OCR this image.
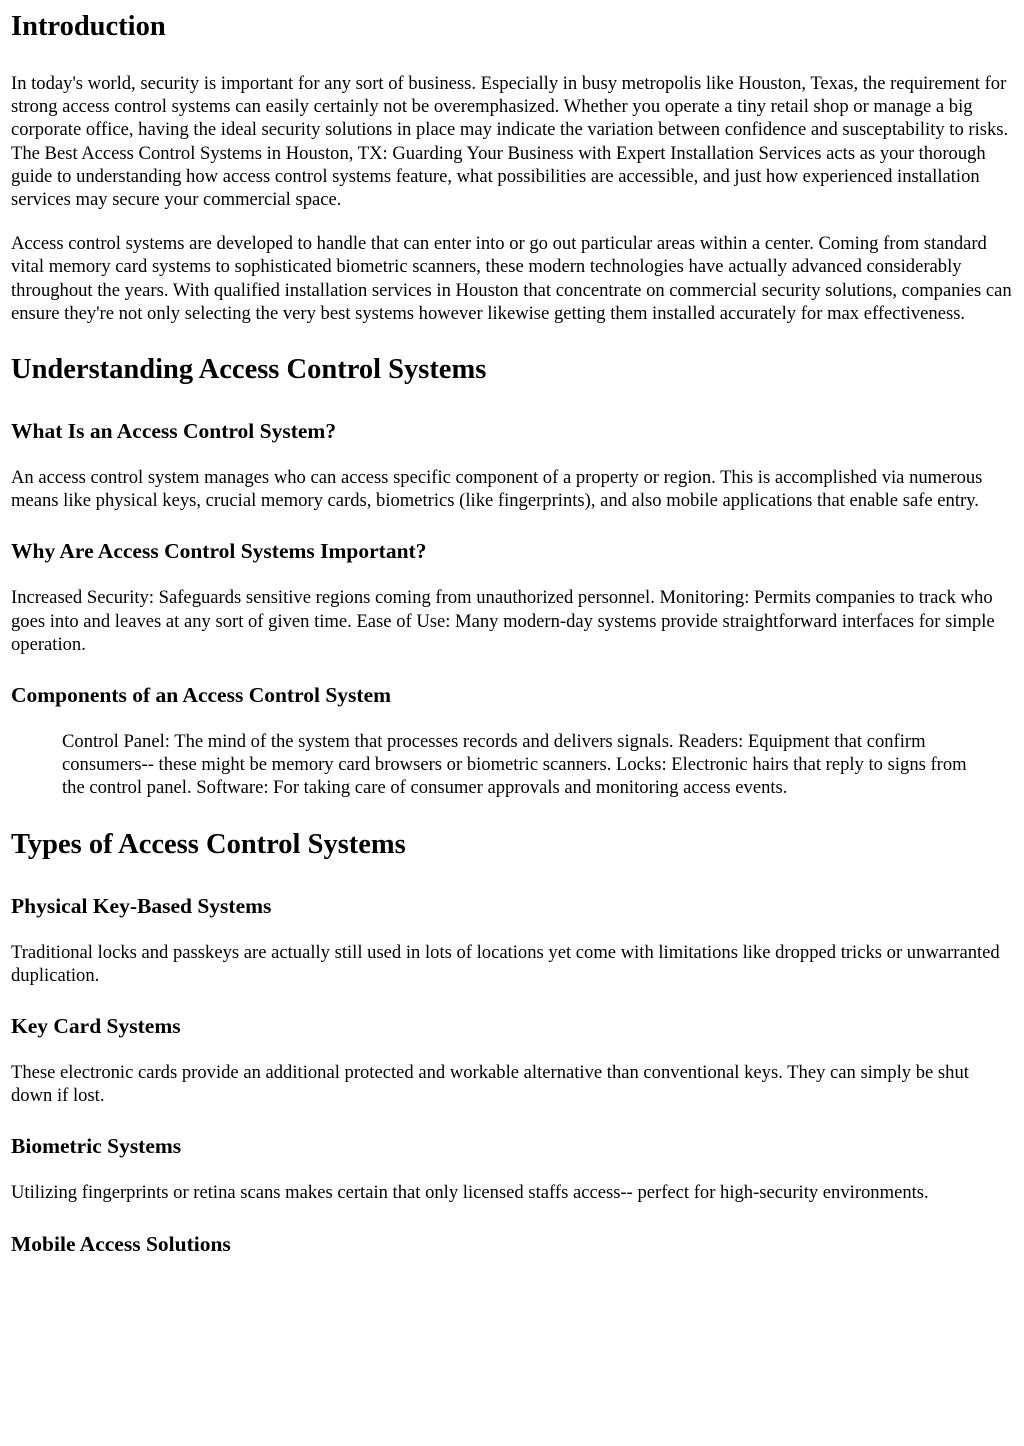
Introduction

In today's world, security is important for any sort of business. Especially in busy metropolis like Houston, Texas, the requirement for strong access control systems can easily certainly not be overemphasized. Whether you operate a tiny retail shop or manage a big corporate office, having the ideal security solutions in place may indicate the variation between confidence and susceptability to risks. The Best Access Control Systems in Houston, TX: Guarding Your Business with Expert Installation Services acts as your thorough guide to understanding how access control systems feature, what possibilities are accessible, and just how experienced installation services may secure your commercial space.

Access control systems are developed to handle that can enter into or go out particular areas within a center. Coming from standard vital memory card systems to sophisticated biometric scanners, these modern technologies have actually advanced considerably throughout the years. With qualified installation services in Houston that concentrate on commercial security solutions, companies can ensure they're not only selecting the very best systems however likewise getting them installed accurately for max effectiveness.

Understanding Access Control Systems
What Is an Access Control System?

An access control system manages who can access specific component of a property or region. This is accomplished via numerous means like physical keys, crucial memory cards, biometrics (like fingerprints), and also mobile applications that enable safe entry.

Why Are Access Control Systems Important?

Increased Security: Safeguards sensitive regions coming from unauthorized personnel. Monitoring: Permits companies to track who goes into and leaves at any sort of given time. Ease of Use: Many modern-day systems provide straightforward interfaces for simple operation.

Components of an Access Control System
Control Panel: The mind of the system that processes records and delivers signals. Readers: Equipment that confirm consumers-- these might be memory card browsers or biometric scanners. Locks: Electronic hairs that reply to signs from the control panel. Software: For taking care of consumer approvals and monitoring access events.
Types of Access Control Systems
Physical Key-Based Systems

Traditional locks and passkeys are actually still used in lots of locations yet come with limitations like dropped tricks or unwarranted duplication.

Key Card Systems

These electronic cards provide an additional protected and workable alternative than conventional keys. They can simply be shut down if lost.

Biometric Systems

Utilizing fingerprints or retina scans makes certain that only licensed staffs access-- perfect for high-security environments.

Mobile Access Solutions
